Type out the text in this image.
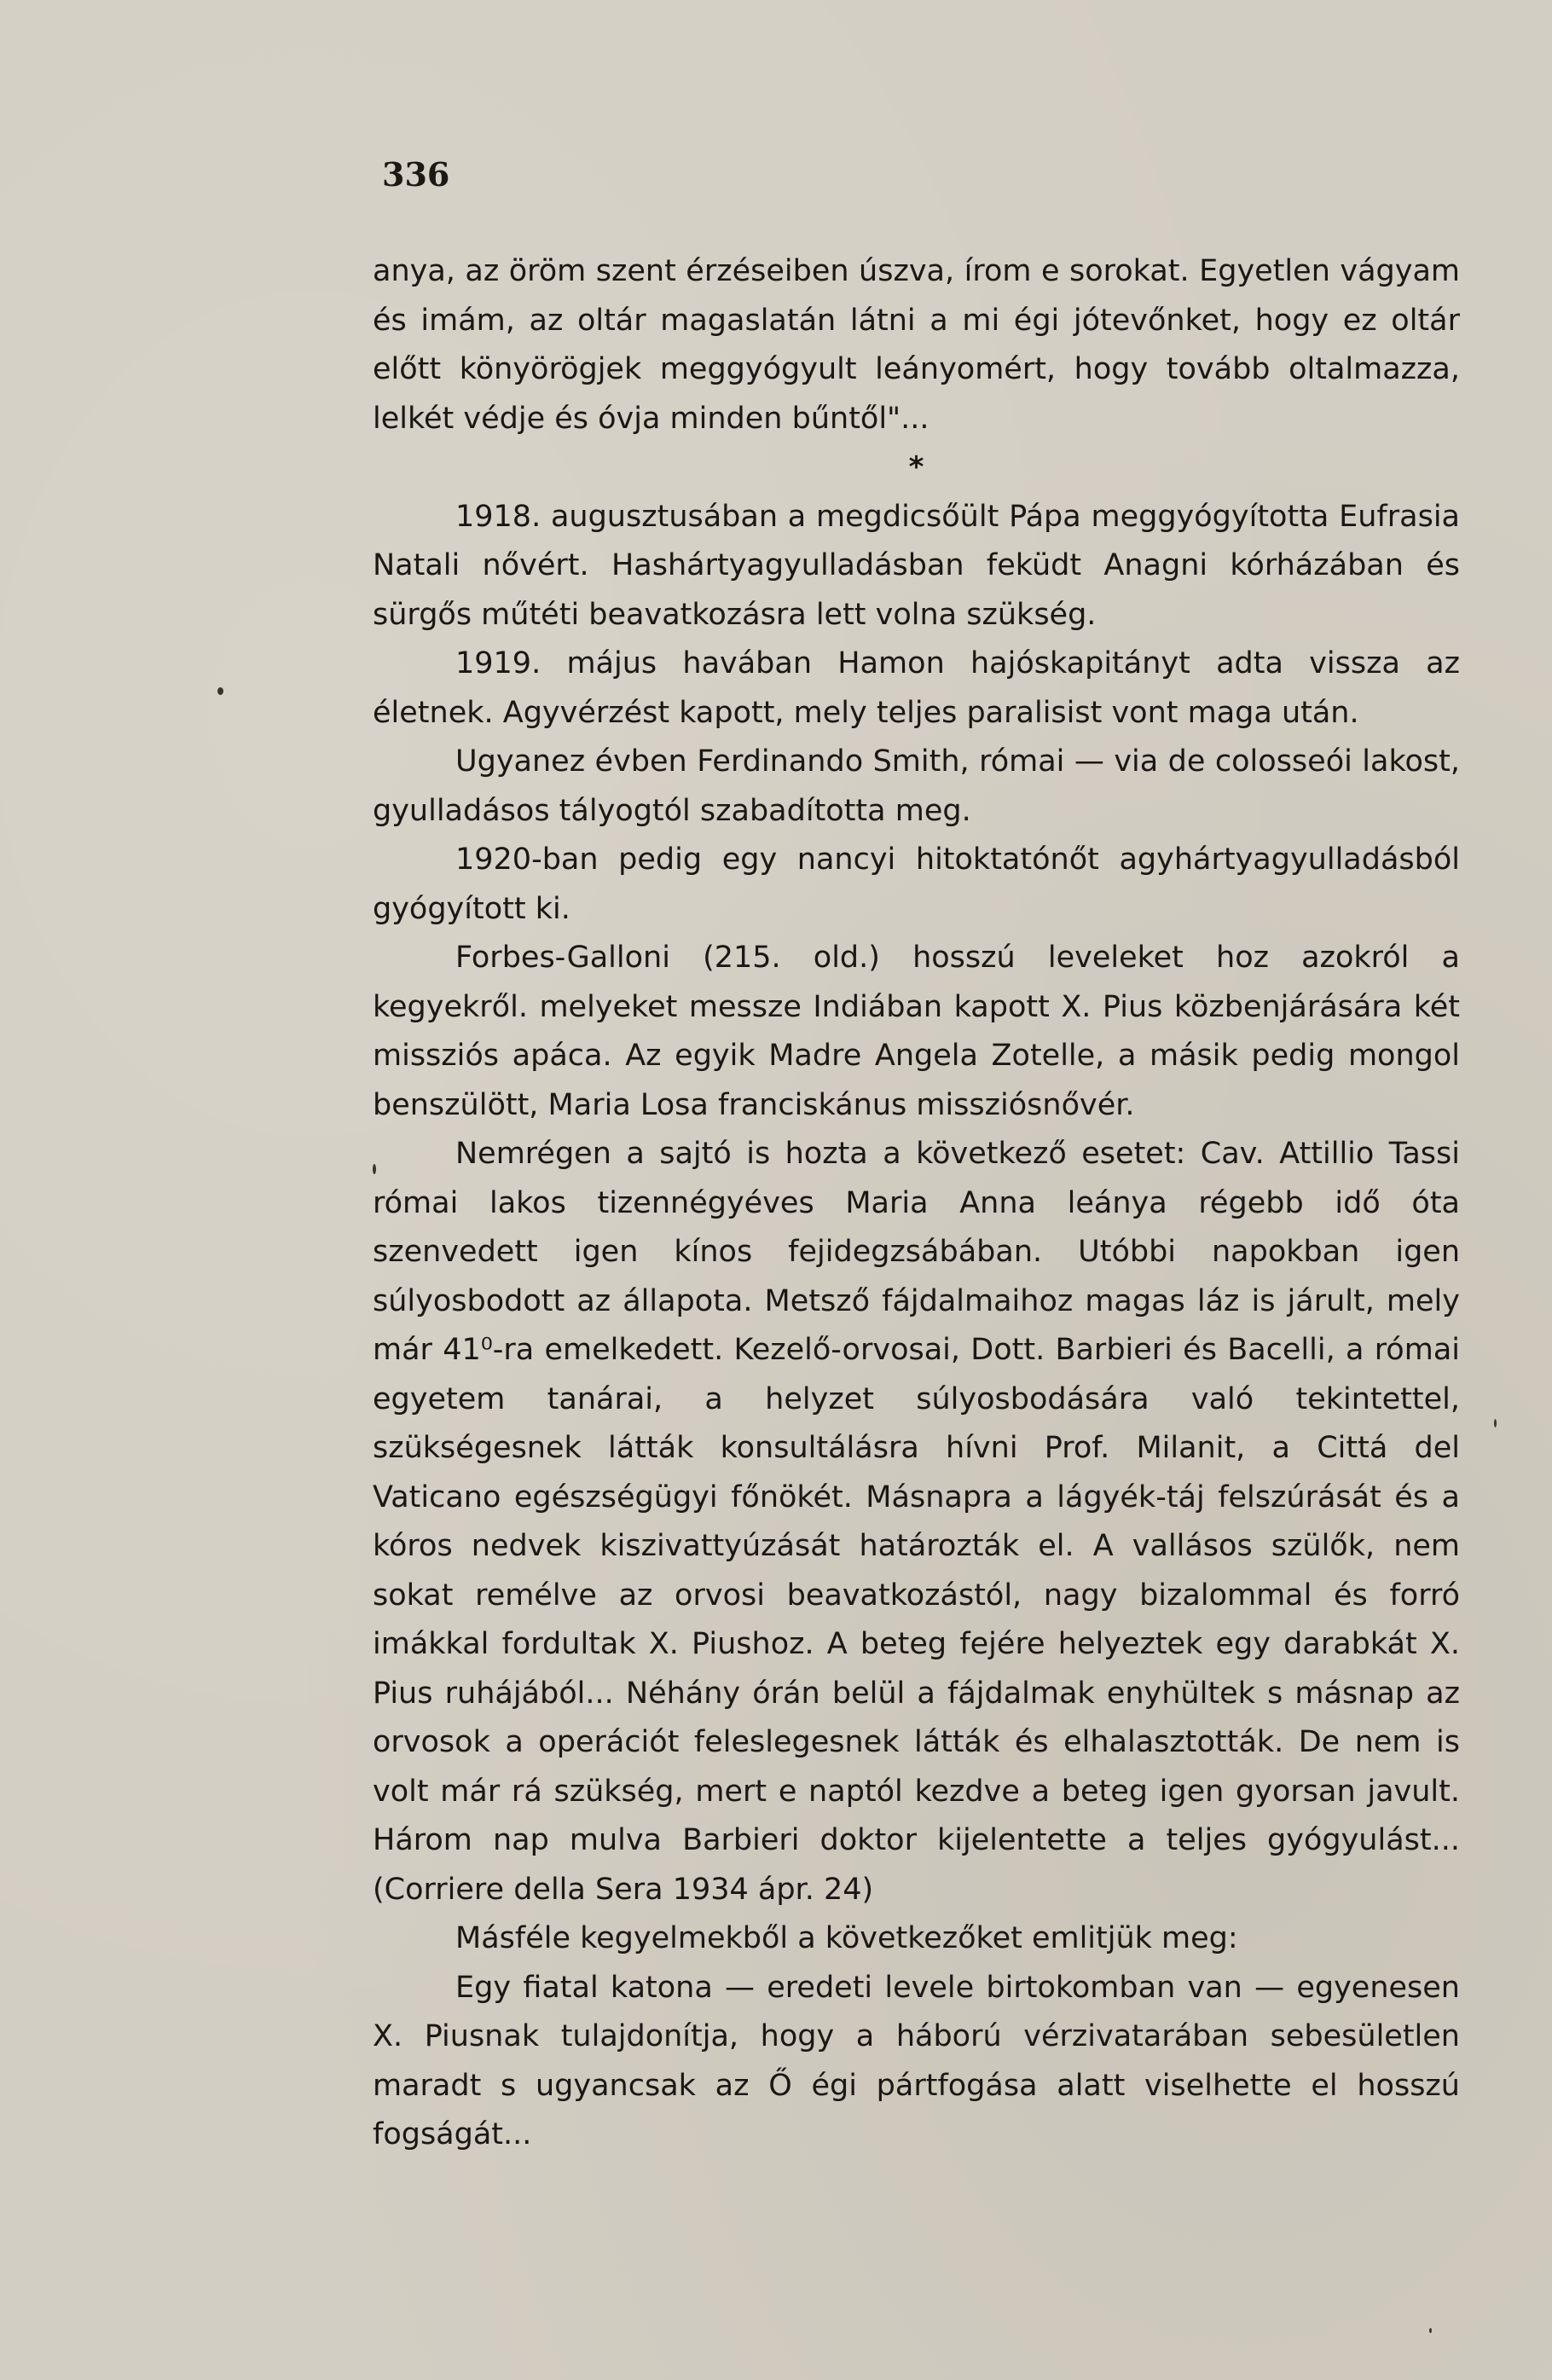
336

anya, az öröm szent érzéseiben úszva, írom e sorokat. Egyetlen vágyam és imám, az oltár magaslatán látni a mi égi jótevőnket, hogy ez oltár előtt könyörögjek meggyógyult leányomért, hogy tovább oltalmazza, lelkét védje és óvja minden bűntől"...

*

1918. augusztusában a megdicsőült Pápa meggyógyította Eufrasia Natali nővért. Hashártyagyulladásban feküdt Anagni kórházában és sürgős műtéti beavatkozásra lett volna szükség.

1919. május havában Hamon hajóskapitányt adta vissza az életnek. Agyvérzést kapott, mely teljes paralisist vont maga után.

Ugyanez évben Ferdinando Smith, római — via de colosseói lakost, gyulladásos tályogtól szabadította meg.

1920-ban pedig egy nancyi hitoktatónőt agyhártyagyulladásból gyógyított ki.

Forbes-Galloni (215. old.) hosszú leveleket hoz azokról a kegyekről. melyeket messze Indiában kapott X. Pius közbenjárására két missziós apáca. Az egyik Madre Angela Zotelle, a másik pedig mongol benszülött, Maria Losa franciskánus missziósnővér.

Nemrégen a sajtó is hozta a következő esetet: Cav. Attillio Tassi római lakos tizennégyéves Maria Anna leánya régebb idő óta szenvedett igen kínos fejidegzsábában. Utóbbi napokban igen súlyosbodott az állapota. Metsző fájdalmaihoz magas láz is járult, mely már 41⁰-ra emelkedett. Kezelő-orvosai, Dott. Barbieri és Bacelli, a római egyetem tanárai, a helyzet súlyosbodására való tekintettel, szükségesnek látták konsultálásra hívni Prof. Milanit, a Cittá del Vaticano egészségügyi főnökét. Másnapra a lágyék-táj felszúrását és a kóros nedvek kiszivattyúzását határozták el. A vallásos szülők, nem sokat remélve az orvosi beavatkozástól, nagy bizalommal és forró imákkal fordultak X. Piushoz. A beteg fejére helyeztek egy darabkát X. Pius ruhájából... Néhány órán belül a fájdalmak enyhültek s másnap az orvosok a operációt feleslegesnek látták és elhalasztották. De nem is volt már rá szükség, mert e naptól kezdve a beteg igen gyorsan javult. Három nap mulva Barbieri doktor kijelentette a teljes gyógyulást... (Corriere della Sera 1934 ápr. 24)

Másféle kegyelmekből a következőket emlitjük meg:

Egy fiatal katona — eredeti levele birtokomban van — egyenesen X. Piusnak tulajdonítja, hogy a háború vérzivatarában sebesületlen maradt s ugyancsak az Ő égi pártfogása alatt viselhette el hosszú fogságát...
